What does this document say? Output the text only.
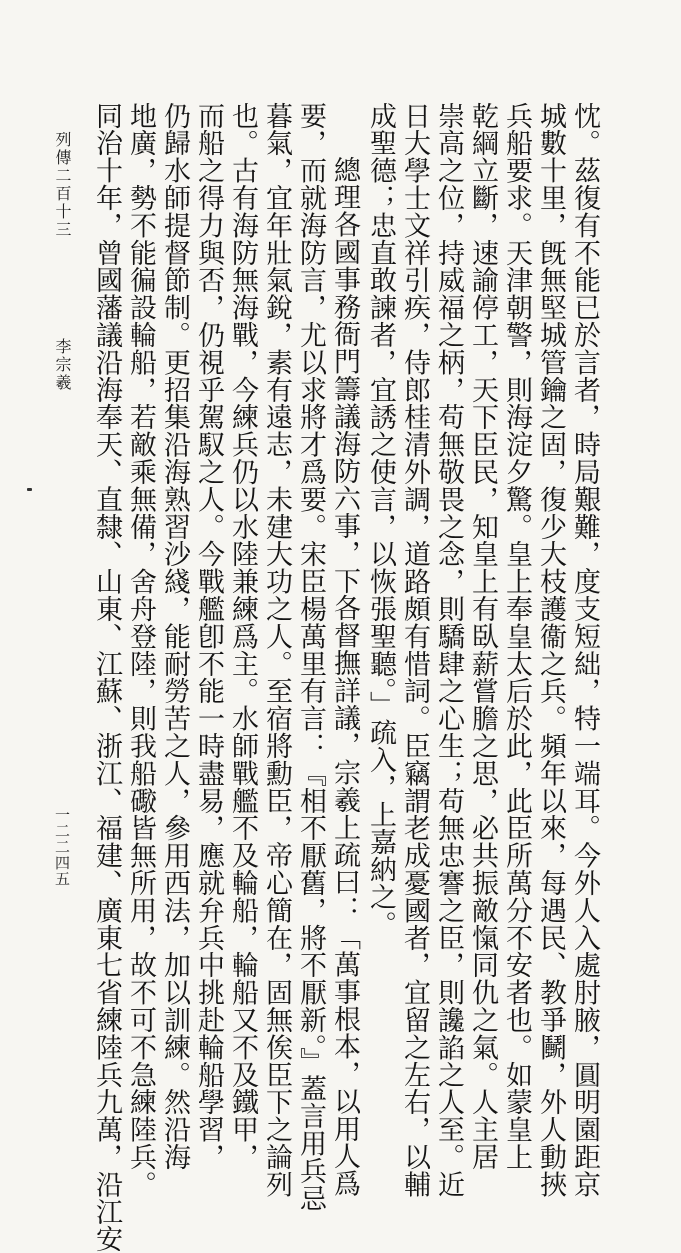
忱。茲復有不能已於言者，時局艱難，度支短絀，特一端耳。今外人入處肘腋，圓明園距京
城數十里，旣無堅城管鑰之固，復少大枝護衞之兵。頻年以來，每遇民、教爭鬭，外人動挾
兵船要求。天津朝警，則海淀夕驚。皇上奉皇太后於此，此臣所萬分不安者也。如蒙皇上
乾綱立斷，速諭停工，天下臣民，知皇上有臥薪嘗膽之思，必共振敵愾同仇之氣。人主居
崇高之位，持威福之柄，苟無敬畏之念，則驕肆之心生；苟無忠謇之臣，則讒諂之人至。近
日大學士文祥引疾，侍郎桂清外調，道路頗有惜詞。臣竊謂老成憂國者，宜留之左右，以輔
成聖德；忠直敢諫者，宜誘之使言，以恢張聖聽。」疏入，上嘉納之。
總理各國事務衙門籌議海防六事，下各督撫詳議，宗羲上疏曰：「萬事根本，以用人爲
要，而就海防言，尤以求將才爲要。宋臣楊萬里有言：『相不厭舊，將不厭新。』蓋言用兵忌
暮氣，宜年壯氣銳，素有遠志，未建大功之人。至宿將勳臣，帝心簡在，固無俟臣下之論列
也。古有海防無海戰，今練兵仍以水陸兼練爲主。水師戰艦不及輪船，輪船又不及鐵甲，
而船之得力與否，仍視乎駕馭之人。今戰艦卽不能一時盡易，應就弁兵中挑赴輪船學習，
仍歸水師提督節制。更招集沿海熟習沙綫，能耐勞苦之人，參用西法，加以訓練。然沿海
地廣，勢不能徧設輪船，若敵乘無備，舍舟登陸，則我船礮皆無所用，故不可不急練陸兵。
同治十年，曾國藩議沿海奉天、直隸、山東、江蘇、浙江、福建、廣東七省練陸兵九萬，沿江安
列傳二百十三
李宗羲
一二二四五
